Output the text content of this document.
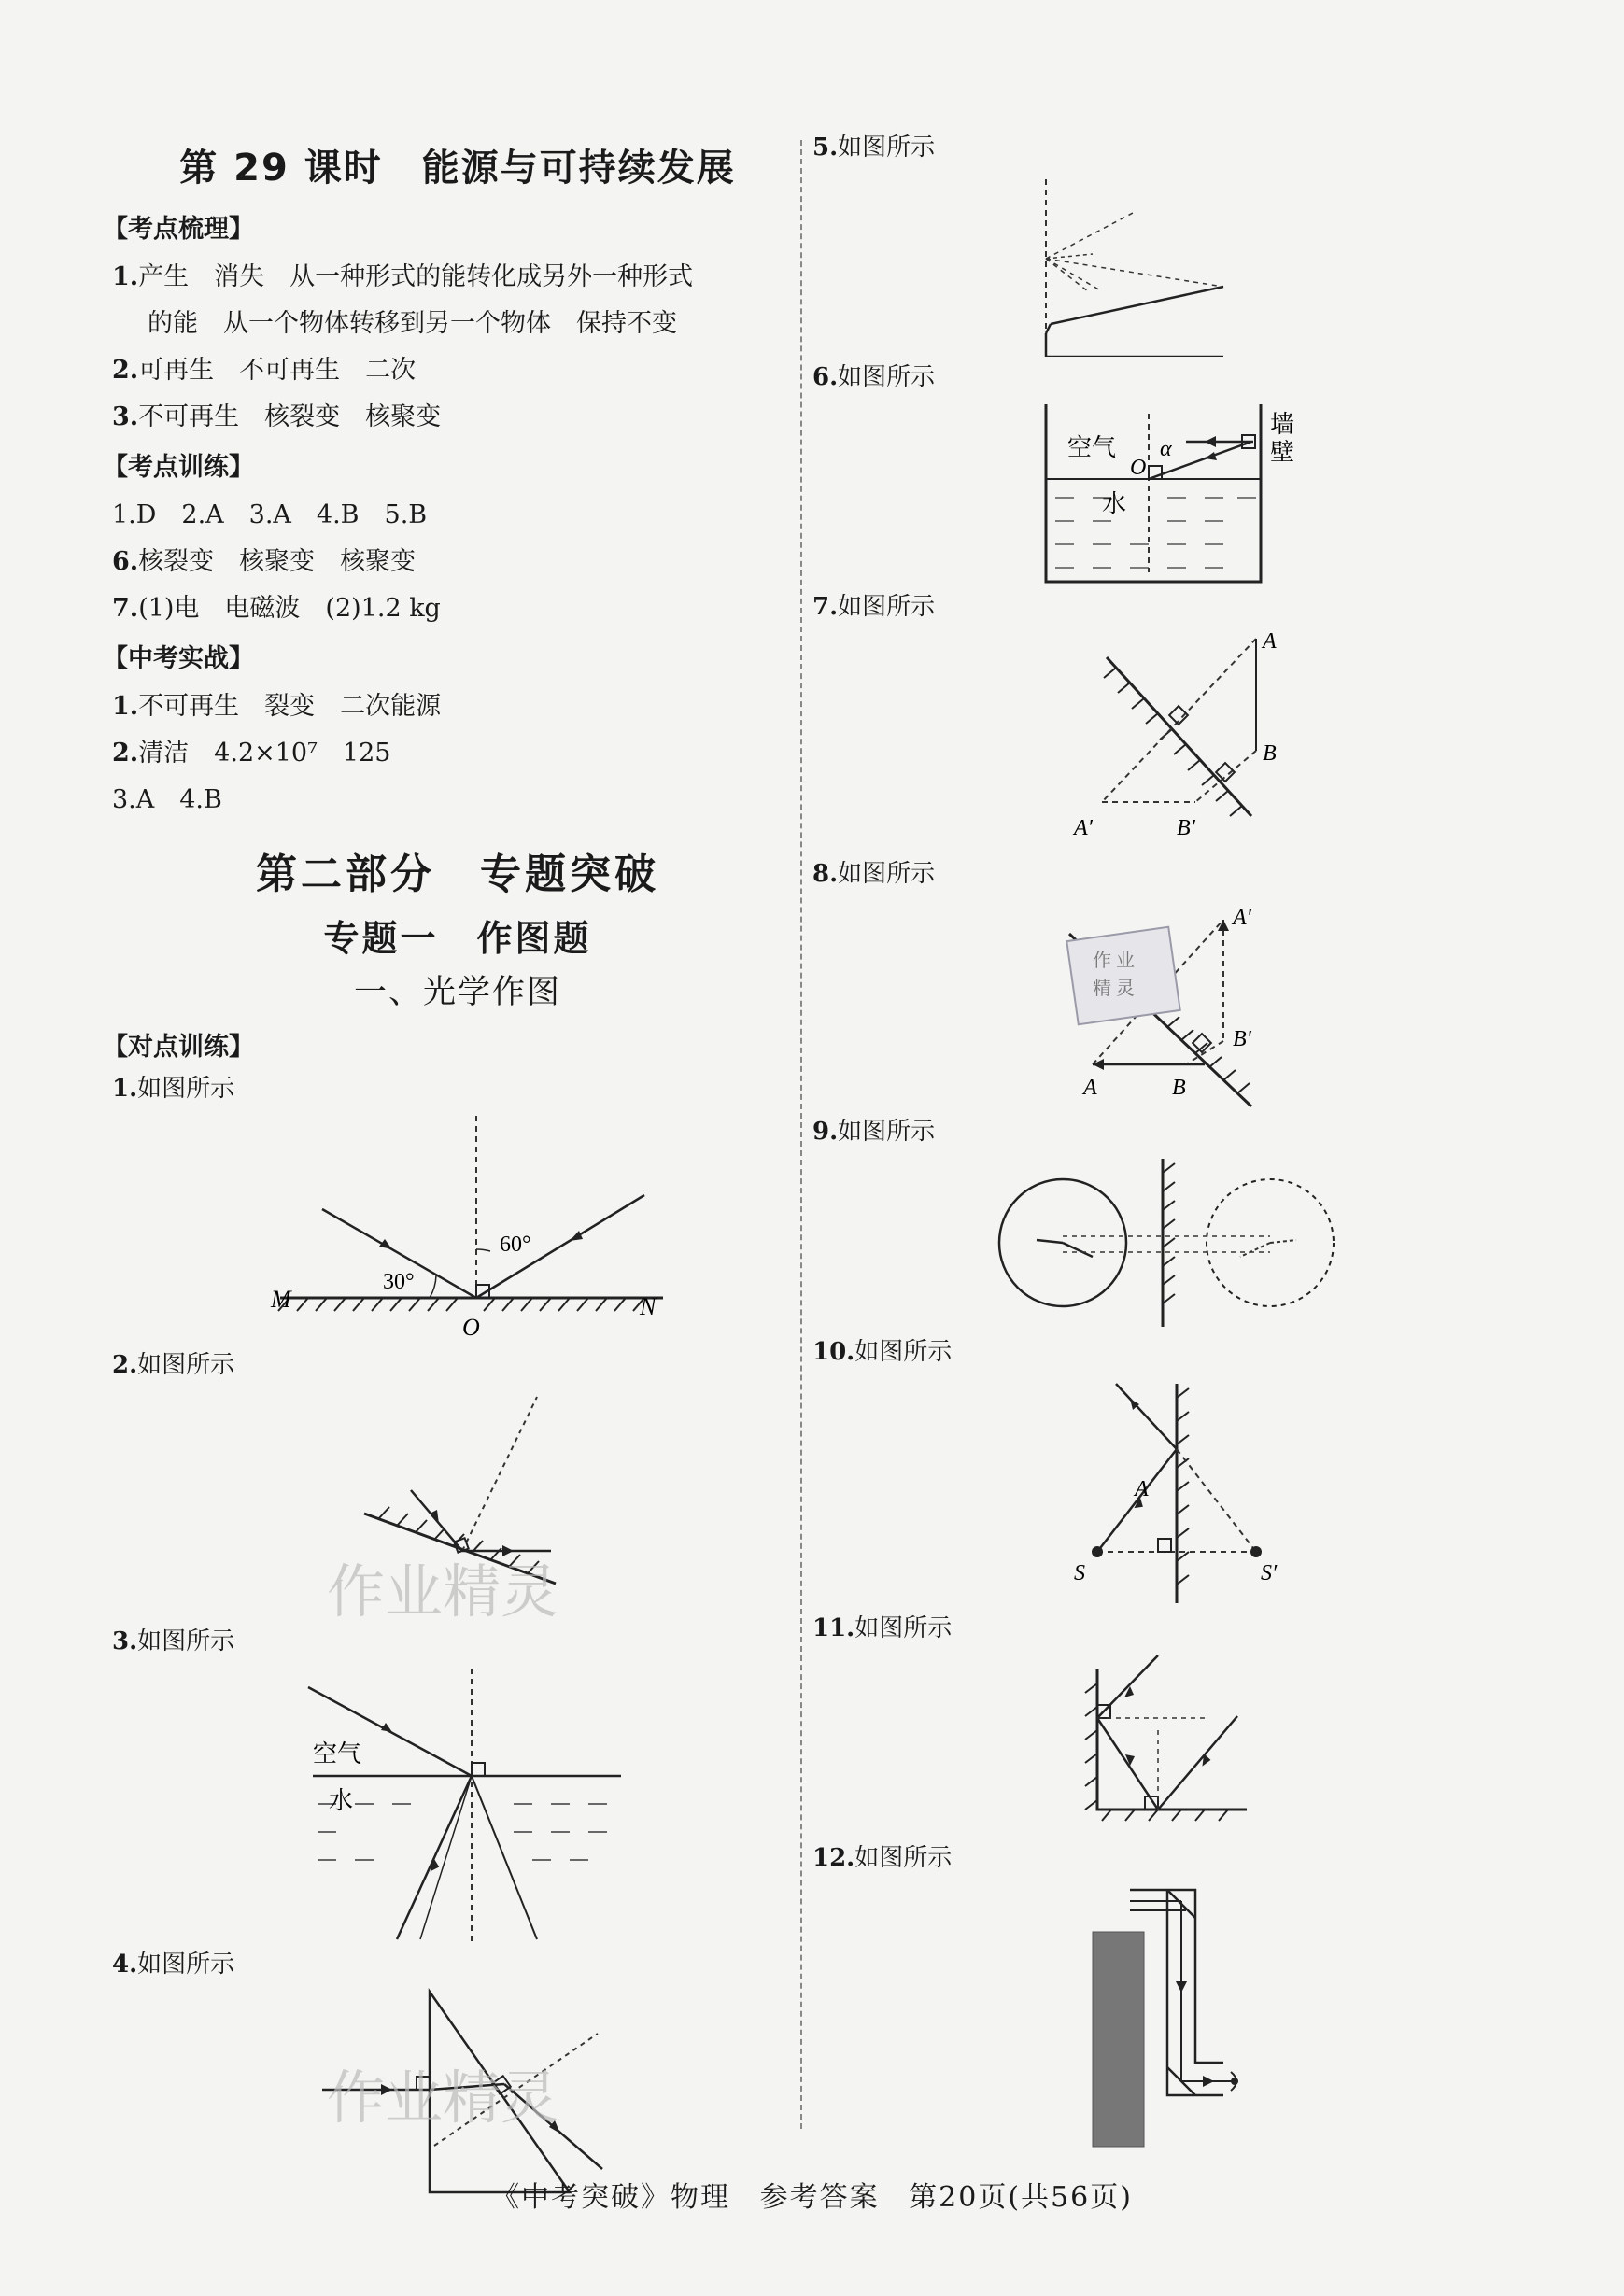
第 29 课时　能源与可持续发展
【考点梳理】
1.产生　消失　从一种形式的能转化成另外一种形式
的能　从一个物体转移到另一个物体　保持不变
2.可再生　不可再生　二次
3.不可再生　核裂变　核聚变
【考点训练】
1.D　2.A　3.A　4.B　5.B
6.核裂变　核聚变　核聚变
7.(1)电　电磁波　(2)1.2 kg
【中考实战】
1.不可再生　裂变　二次能源
2.清洁　4.2×10⁷　125
3.A　4.B
第二部分　专题突破
专题一　作图题
一、光学作图
【对点训练】
1.如图所示
60°
30°
M	N
O
2.如图所示
作业精灵
3.如图所示
空气
水
4.如图所示
作业精灵
5.如图所示
6.如图所示
空气
水
O
α
墙
壁
7.如图所示
A
B
A′	B′
8.如图所示
作 业
精 灵
A′
B′
A	B
9.如图所示
10.如图所示
A
S	S′
11.如图所示
12.如图所示
《中考突破》物理 参考答案 第20页(共56页)
